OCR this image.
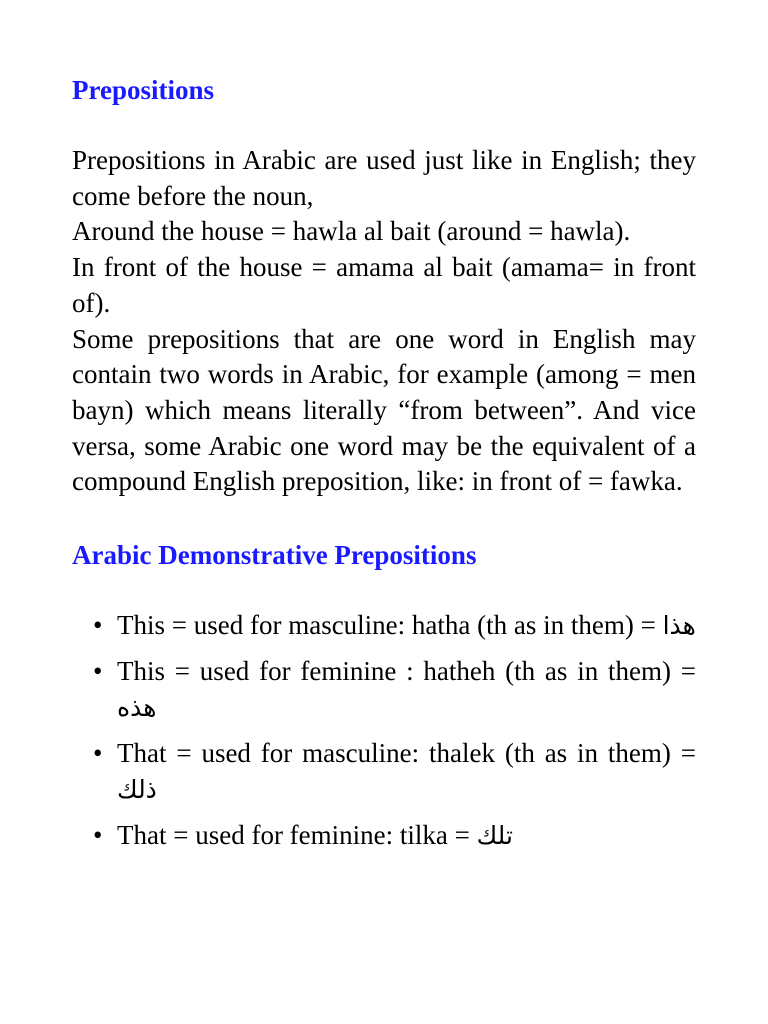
Prepositions

Prepositions in Arabic are used just like in English; they come before the noun,

Around the house = hawla al bait (around = hawla).

In front of the house = amama al bait (amama= in front of).

Some prepositions that are one word in English may contain two words in Arabic, for example (among = men bayn) which means literally “from between”. And vice versa, some Arabic one word may be the equivalent of a compound English preposition, like: in front of = fawka.

Arabic Demonstrative Prepositions
• This = used for masculine: hatha (th as in them) = هذا
• This = used for feminine : hatheh (th as in them) = هذه
• That = used for masculine: thalek (th as in them) = ذلك
• That = used for feminine: tilka = تلك
